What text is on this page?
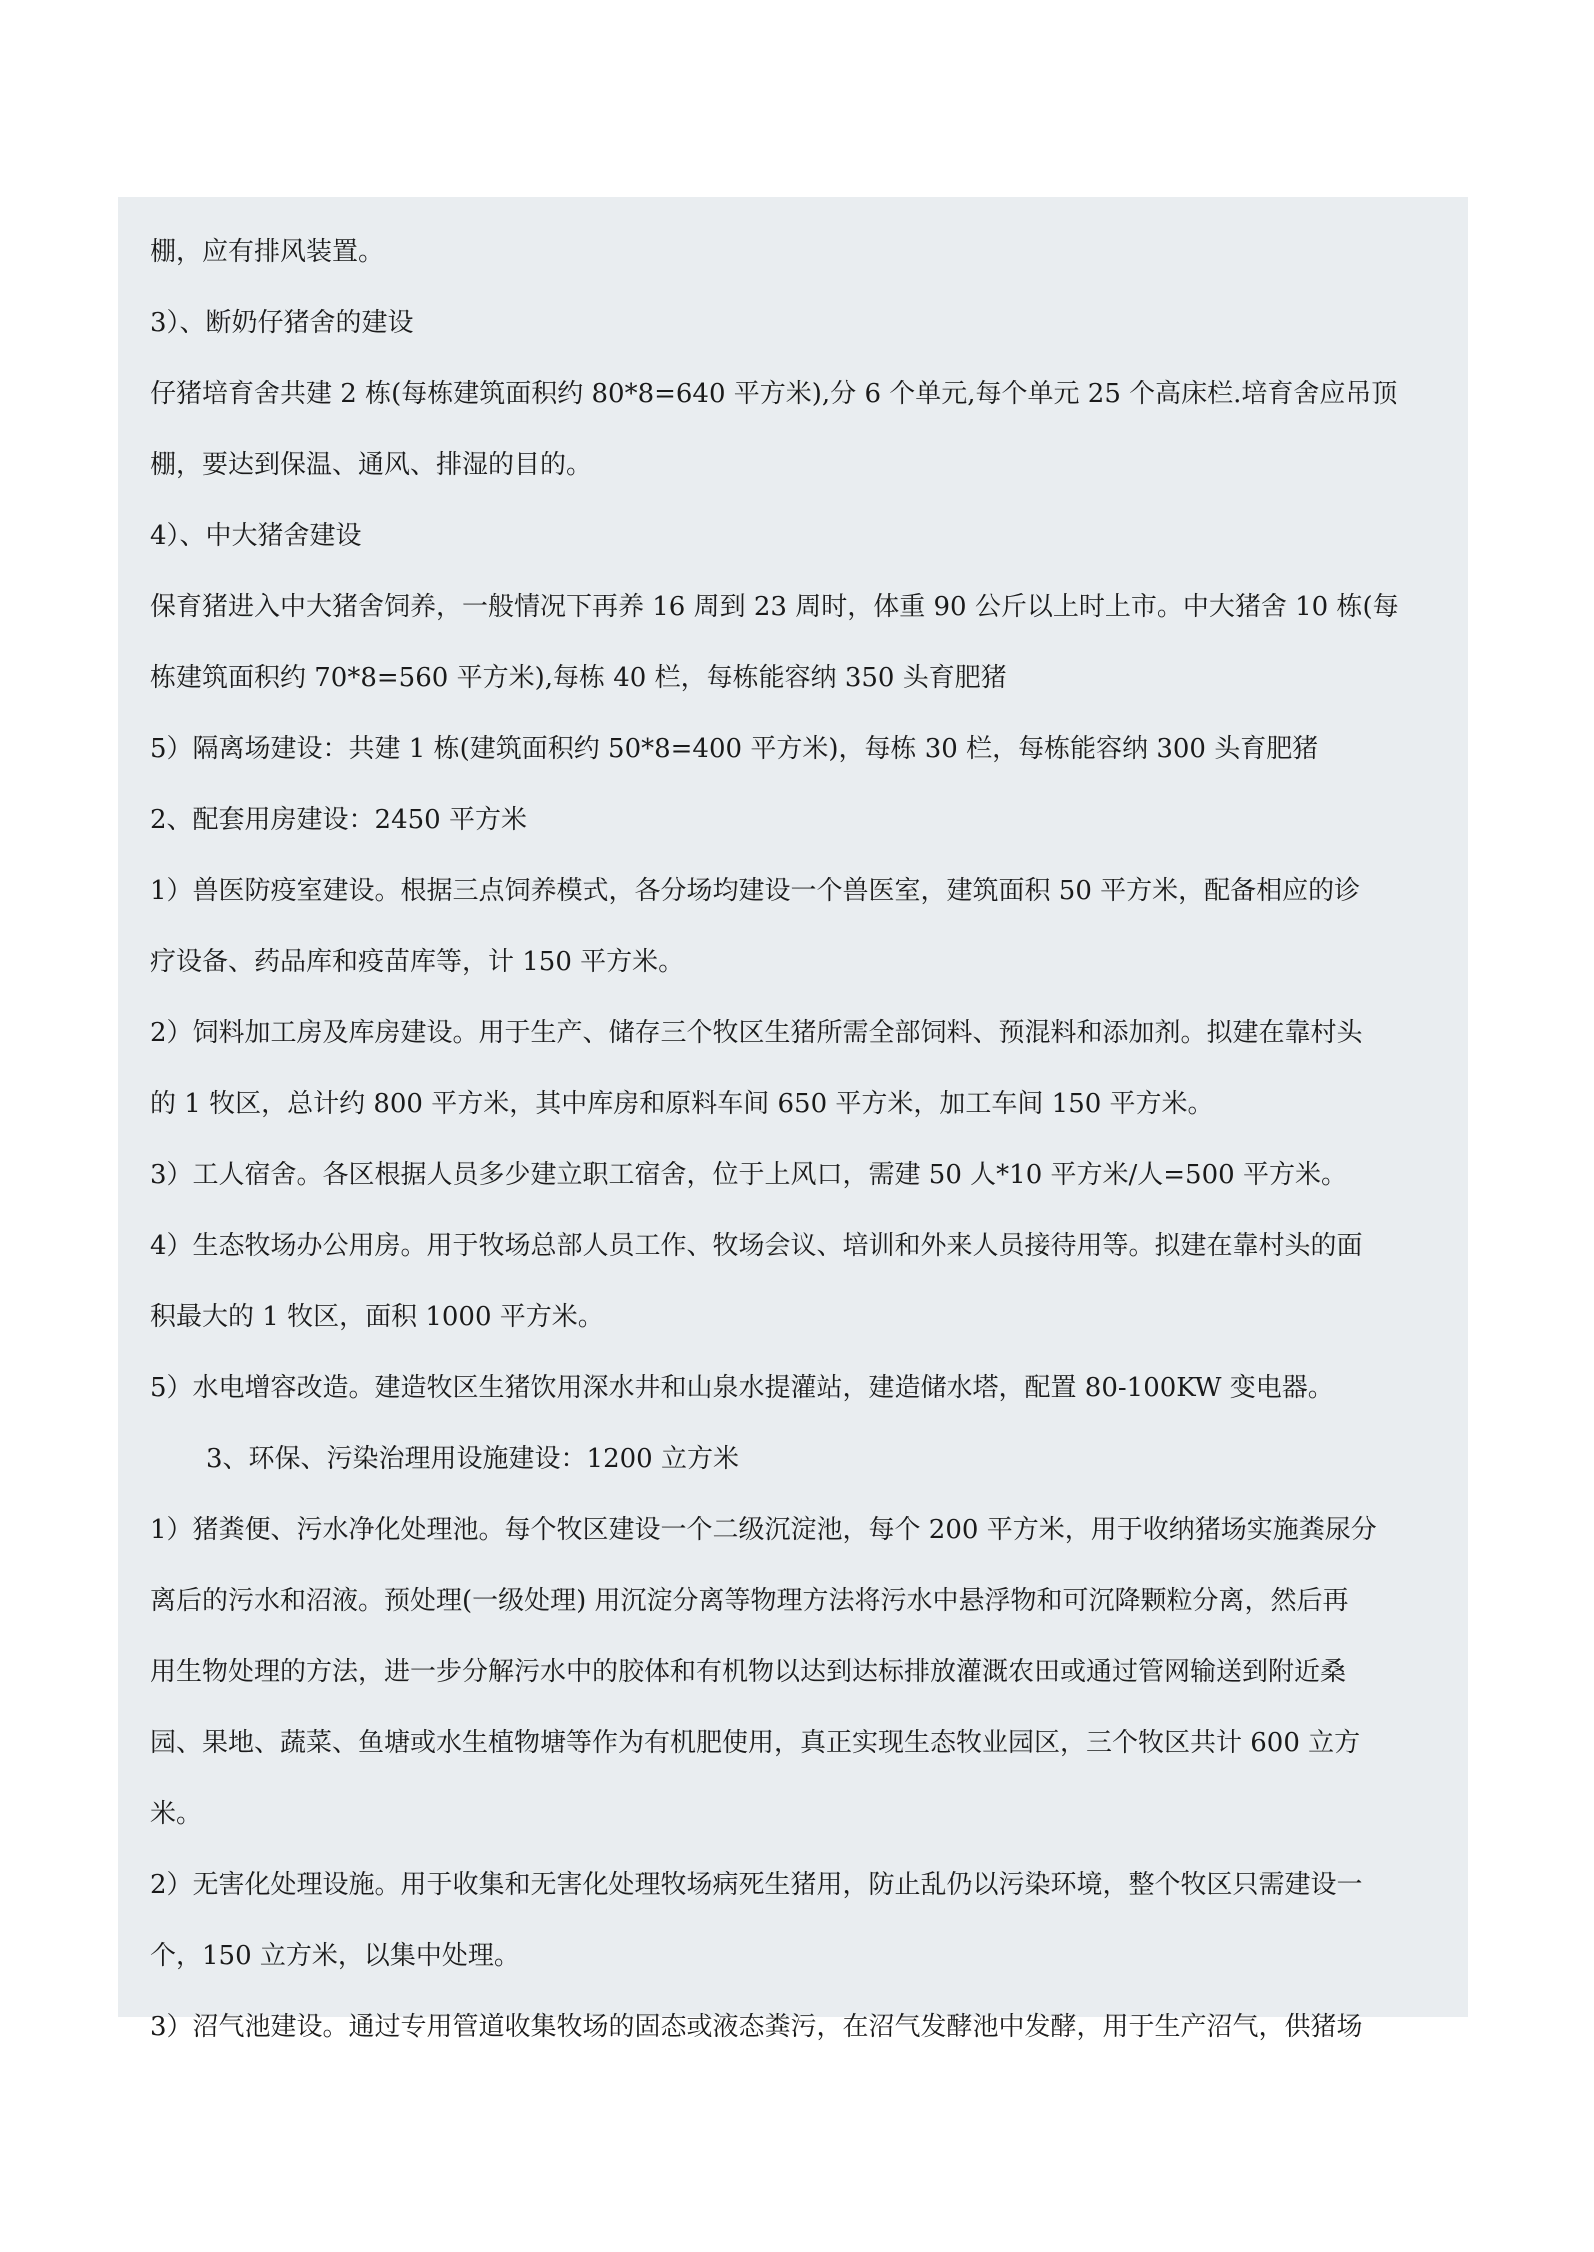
棚，应有排风装置。
3）、断奶仔猪舍的建设
仔猪培育舍共建 2 栋(每栋建筑面积约 80*8=640 平方米),分 6 个单元,每个单元 25 个高床栏.培育舍应吊顶
棚，要达到保温、通风、排湿的目的。
4）、中大猪舍建设
保育猪进入中大猪舍饲养，一般情况下再养 16 周到 23 周时，体重 90 公斤以上时上市。中大猪舍 10 栋(每
栋建筑面积约 70*8=560 平方米),每栋 40 栏，每栋能容纳 350 头育肥猪
5）隔离场建设：共建 1 栋(建筑面积约 50*8=400 平方米)，每栋 30 栏，每栋能容纳 300 头育肥猪
2、配套用房建设：2450 平方米
1）兽医防疫室建设。根据三点饲养模式，各分场均建设一个兽医室，建筑面积 50 平方米，配备相应的诊
疗设备、药品库和疫苗库等，计 150 平方米。
2）饲料加工房及库房建设。用于生产、储存三个牧区生猪所需全部饲料、预混料和添加剂。拟建在靠村头
的 1 牧区，总计约 800 平方米，其中库房和原料车间 650 平方米，加工车间 150 平方米。
3）工人宿舍。各区根据人员多少建立职工宿舍，位于上风口，需建 50 人*10 平方米/人=500 平方米。
4）生态牧场办公用房。用于牧场总部人员工作、牧场会议、培训和外来人员接待用等。拟建在靠村头的面
积最大的 1 牧区，面积 1000 平方米。
5）水电增容改造。建造牧区生猪饮用深水井和山泉水提灌站，建造储水塔，配置 80-100KW 变电器。
3、环保、污染治理用设施建设：1200 立方米
1）猪粪便、污水净化处理池。每个牧区建设一个二级沉淀池，每个 200 平方米，用于收纳猪场实施粪尿分
离后的污水和沼液。预处理(一级处理) 用沉淀分离等物理方法将污水中悬浮物和可沉降颗粒分离，然后再
用生物处理的方法，进一步分解污水中的胶体和有机物以达到达标排放灌溉农田或通过管网输送到附近桑
园、果地、蔬菜、鱼塘或水生植物塘等作为有机肥使用，真正实现生态牧业园区，三个牧区共计 600 立方
米。
2）无害化处理设施。用于收集和无害化处理牧场病死生猪用，防止乱仍以污染环境，整个牧区只需建设一
个，150 立方米，以集中处理。
3）沼气池建设。通过专用管道收集牧场的固态或液态粪污，在沼气发酵池中发酵，用于生产沼气，供猪场
